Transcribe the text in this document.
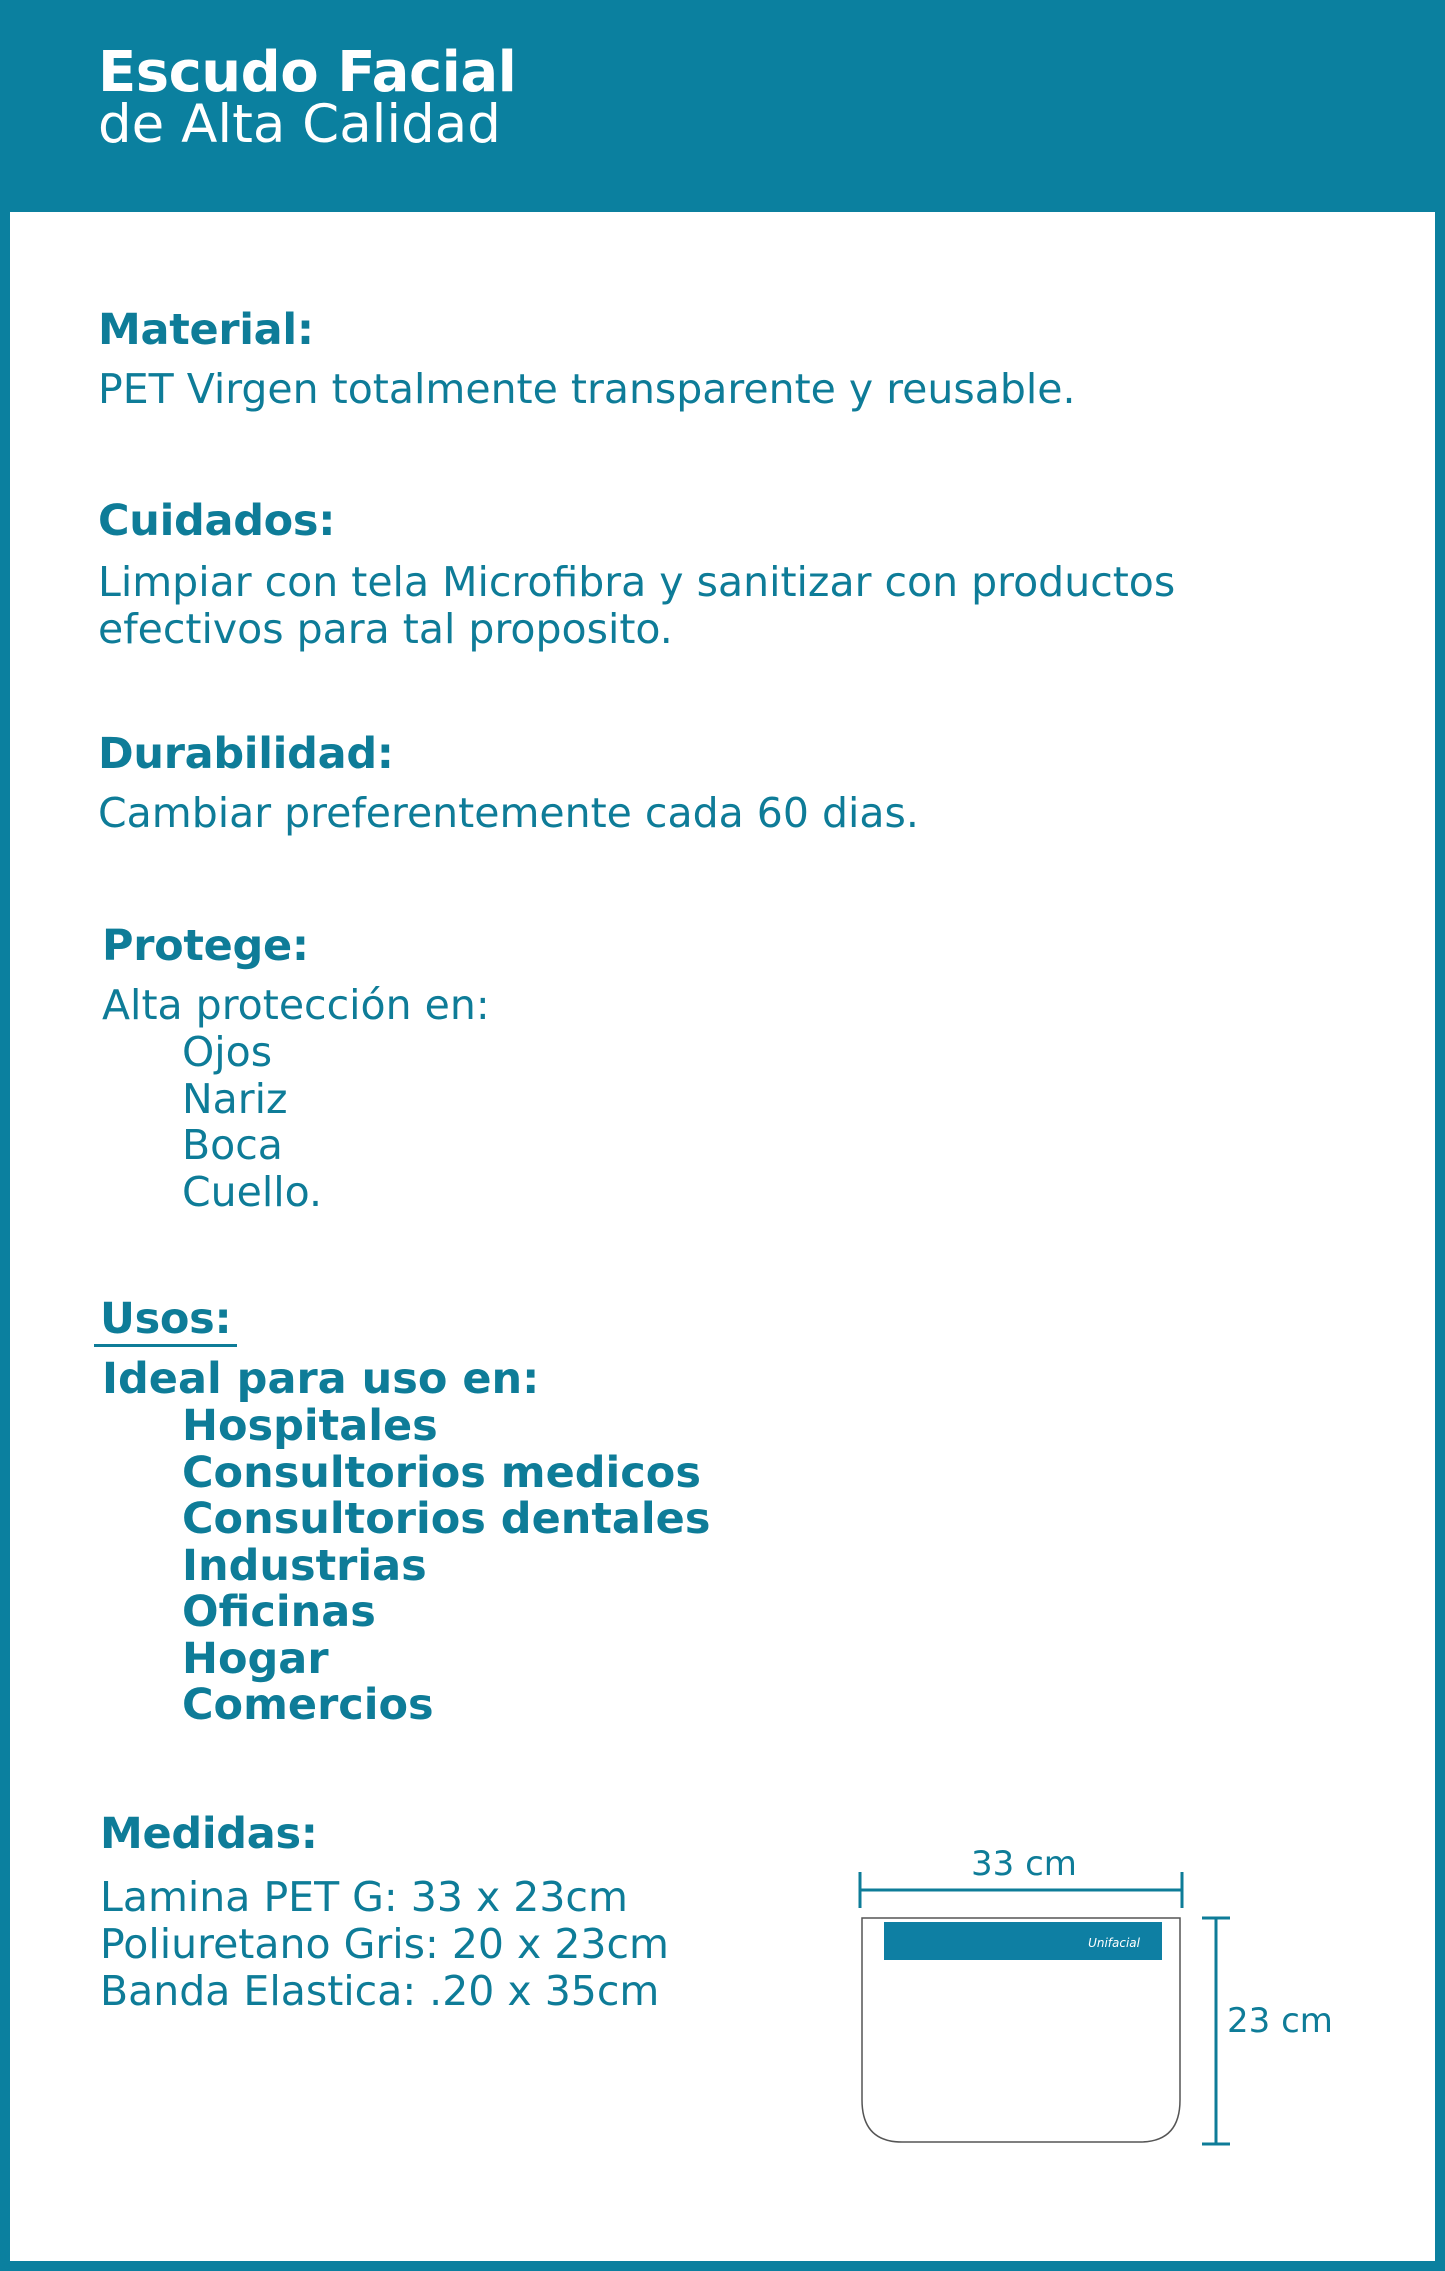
Escudo Facial
de Alta Calidad
Material:
PET Virgen totalmente transparente y reusable.
Cuidados:
Limpiar con tela Microfibra y sanitizar con productos
efectivos para tal proposito.
Durabilidad:
Cambiar preferentemente cada 60 dias.
Protege:
Alta protección en:
Ojos
Nariz
Boca
Cuello.
Usos:
Ideal para uso en:
Hospitales
Consultorios medicos
Consultorios dentales
Industrias
Oficinas
Hogar
Comercios
Medidas:
Lamina PET G: 33 x 23cm
Poliuretano Gris: 20 x 23cm
Banda Elastica: .20 x 35cm
33 cm
Unifacial
23 cm
